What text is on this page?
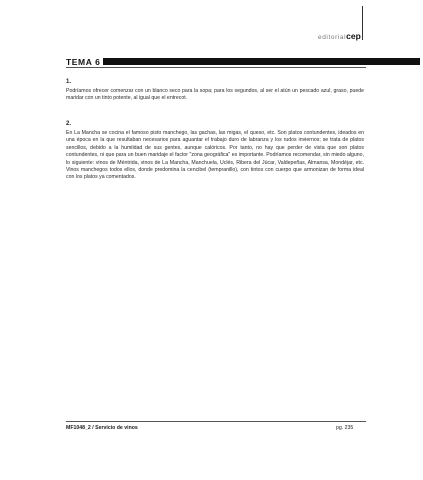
editorialcep
TEMA 6
1.
Podríamos ofrecer comenzar con un blanco seco para la sopa; para los segundos, al ser el atún un pescado azul, graso, puede maridar con un tinto potente, al igual que el entrecot.
2.
En La Mancha se cocina el famoso pisto manchego, las gachas, las migas, el queso, etc. Son platos contundentes, ideados en una época en la que resultaban necesarios para aguantar el trabajo duro de labranza y los rudos inviernos; se trata de platos sencillos, debido a la humildad de sus gentes, aunque calóricos. Por tanto, no hay que perder de vista que son platos contundentes, ni que para un buen maridaje el factor "zona geográfica" es importante. Podríamos recomendar, sin miedo alguno, lo siguiente: vinos de Méntrida, vinos de La Mancha, Manchuela, Uclés, Ribera del Júcar, Valdepeñas, Almansa, Mondéjar, etc. Vinos manchegos todos ellos, donde predomina la cencibel (tempranillo), con tintos con cuerpo que armonizan de forma ideal con los platos ya comentados.
MF1048_2 / Servicio de vinos	pg. 235
